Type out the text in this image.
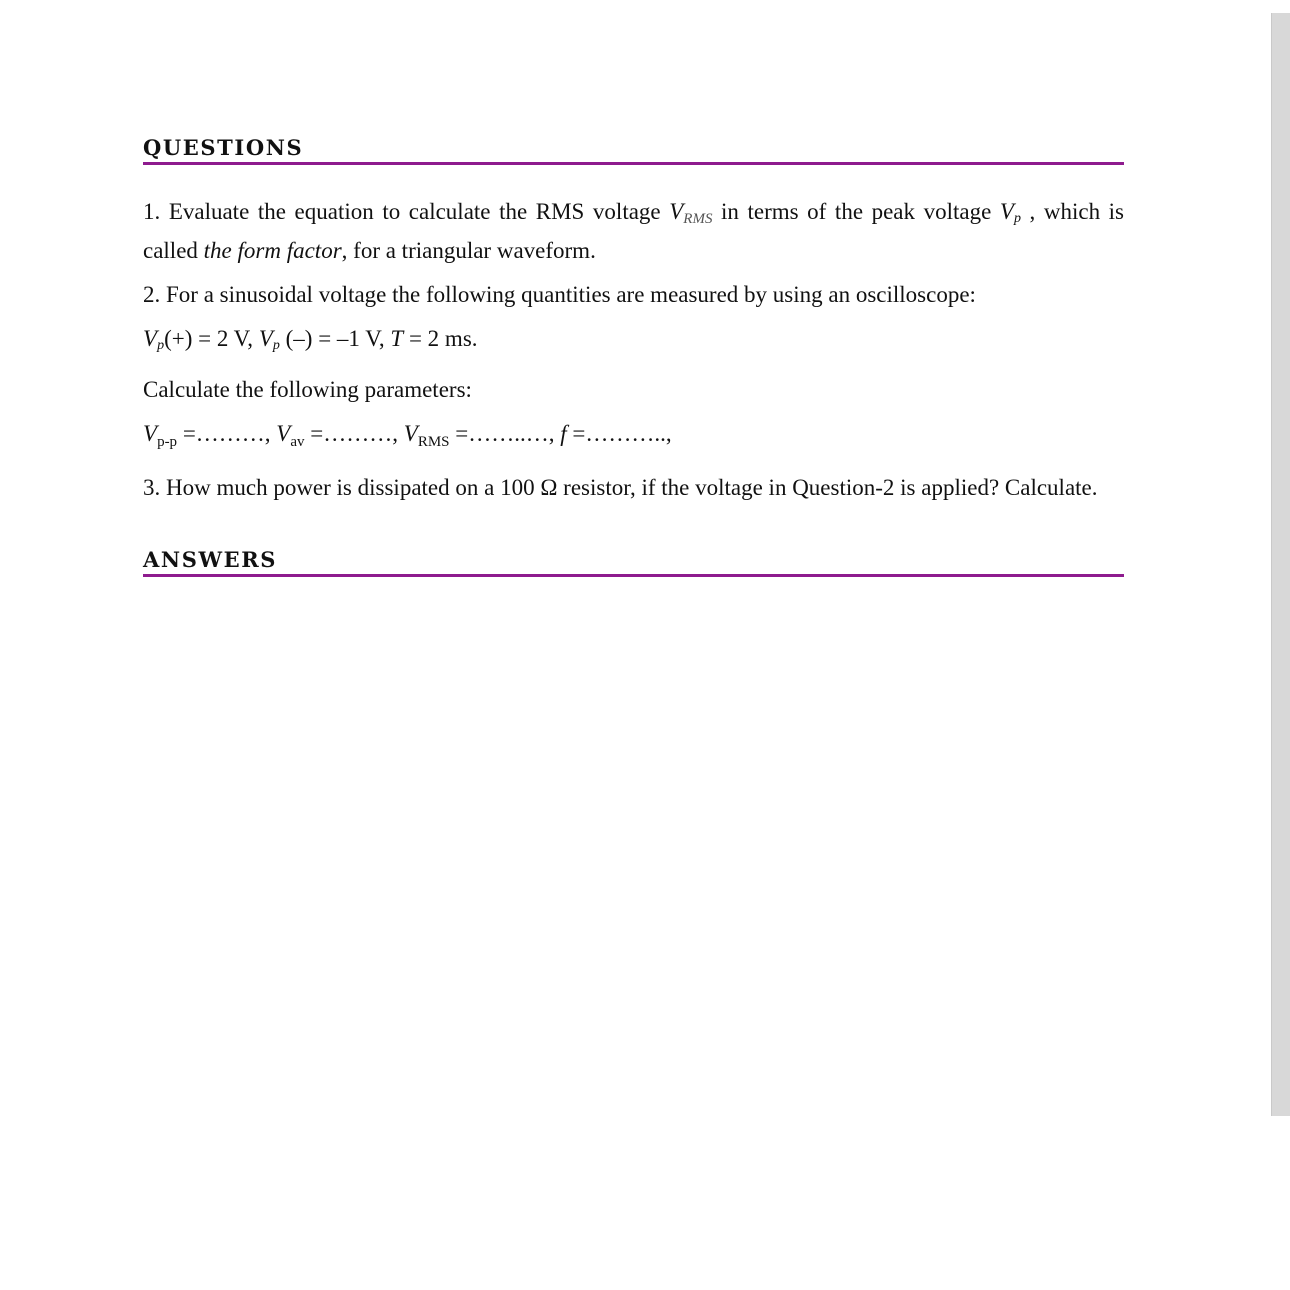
QUESTIONS

1. Evaluate the equation to calculate the RMS voltage VRMS in terms of the peak voltage Vp , which is called the form factor, for a triangular waveform.

2. For a sinusoidal voltage the following quantities are measured by using an oscilloscope:

Vp(+) = 2 V, Vp (–) = –1 V, T = 2 ms.

Calculate the following parameters:

$V_{p-p}$ =………, $V_{av}$ =………, $V_{RMS}$ =……..…, f =………..,

3. How much power is dissipated on a 100 Ω resistor, if the voltage in Question-2 is applied? Calculate.

ANSWERS
